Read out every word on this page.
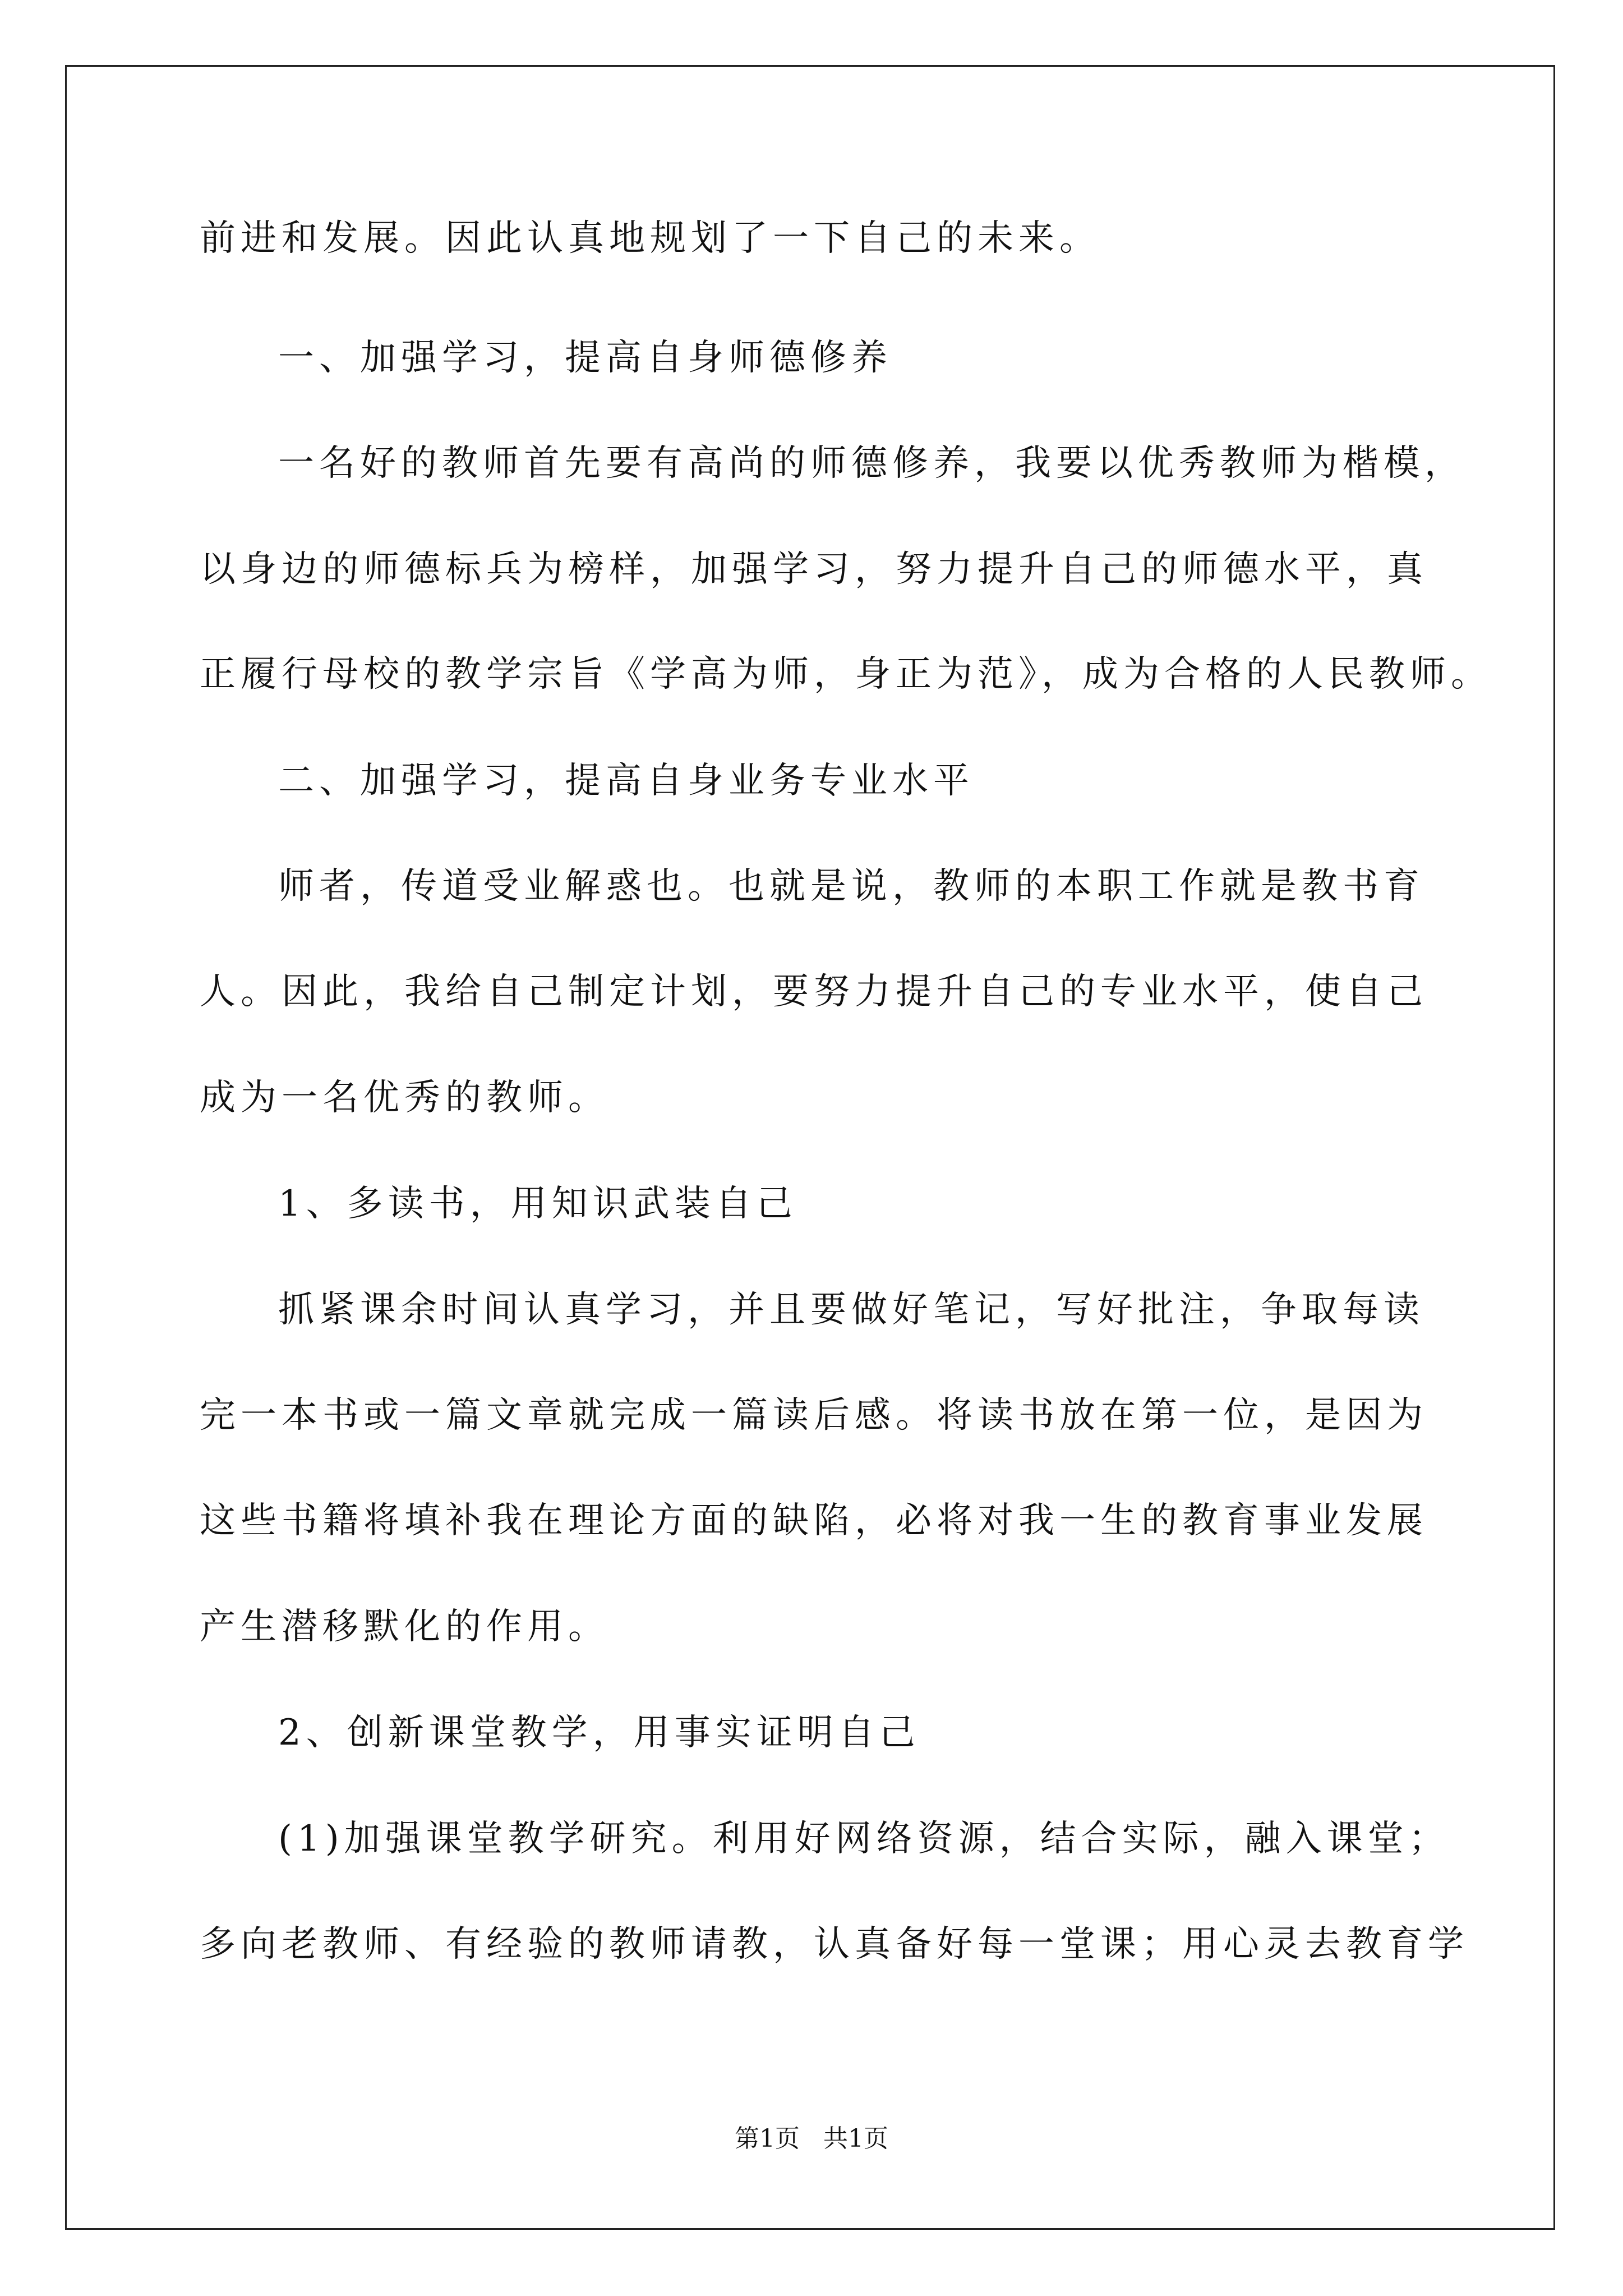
前进和发展。因此认真地规划了一下自己的未来。
一、加强学习，提高自身师德修养
一名好的教师首先要有高尚的师德修养，我要以优秀教师为楷模，
以身边的师德标兵为榜样，加强学习，努力提升自己的师德水平，真
正履行母校的教学宗旨《学高为师，身正为范》，成为合格的人民教师。
二、加强学习，提高自身业务专业水平
师者，传道受业解惑也。也就是说，教师的本职工作就是教书育
人。因此，我给自己制定计划，要努力提升自己的专业水平，使自己
成为一名优秀的教师。
1、多读书，用知识武装自己
抓紧课余时间认真学习，并且要做好笔记，写好批注，争取每读
完一本书或一篇文章就完成一篇读后感。将读书放在第一位，是因为
这些书籍将填补我在理论方面的缺陷，必将对我一生的教育事业发展
产生潜移默化的作用。
2、创新课堂教学，用事实证明自己
(1)加强课堂教学研究。利用好网络资源，结合实际，融入课堂；
多向老教师、有经验的教师请教，认真备好每一堂课；用心灵去教育学
第1页   共1页
